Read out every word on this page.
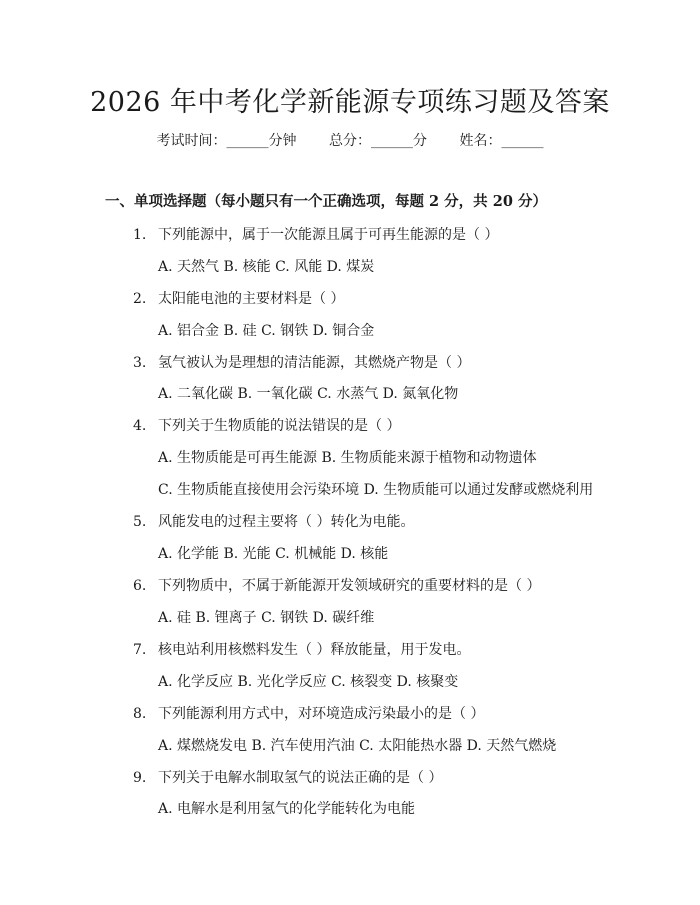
2026 年中考化学新能源专项练习题及答案
考试时间：______分钟 总分：______分 姓名：______
一、单项选择题（每小题只有一个正确选项，每题 2 分，共 20 分）
1. 下列能源中，属于一次能源且属于可再生能源的是（ ）
A. 天然气 B. 核能 C. 风能 D. 煤炭
2. 太阳能电池的主要材料是（ ）
A. 铝合金 B. 硅 C. 钢铁 D. 铜合金
3. 氢气被认为是理想的清洁能源，其燃烧产物是（ ）
A. 二氧化碳 B. 一氧化碳 C. 水蒸气 D. 氮氧化物
4. 下列关于生物质能的说法错误的是（ ）
A. 生物质能是可再生能源 B. 生物质能来源于植物和动物遗体
C. 生物质能直接使用会污染环境 D. 生物质能可以通过发酵或燃烧利用
5. 风能发电的过程主要将（ ）转化为电能。
A. 化学能 B. 光能 C. 机械能 D. 核能
6. 下列物质中，不属于新能源开发领域研究的重要材料的是（ ）
A. 硅 B. 锂离子 C. 钢铁 D. 碳纤维
7. 核电站利用核燃料发生（ ）释放能量，用于发电。
A. 化学反应 B. 光化学反应 C. 核裂变 D. 核聚变
8. 下列能源利用方式中，对环境造成污染最小的是（ ）
A. 煤燃烧发电 B. 汽车使用汽油 C. 太阳能热水器 D. 天然气燃烧
9. 下列关于电解水制取氢气的说法正确的是（ ）
A. 电解水是利用氢气的化学能转化为电能
